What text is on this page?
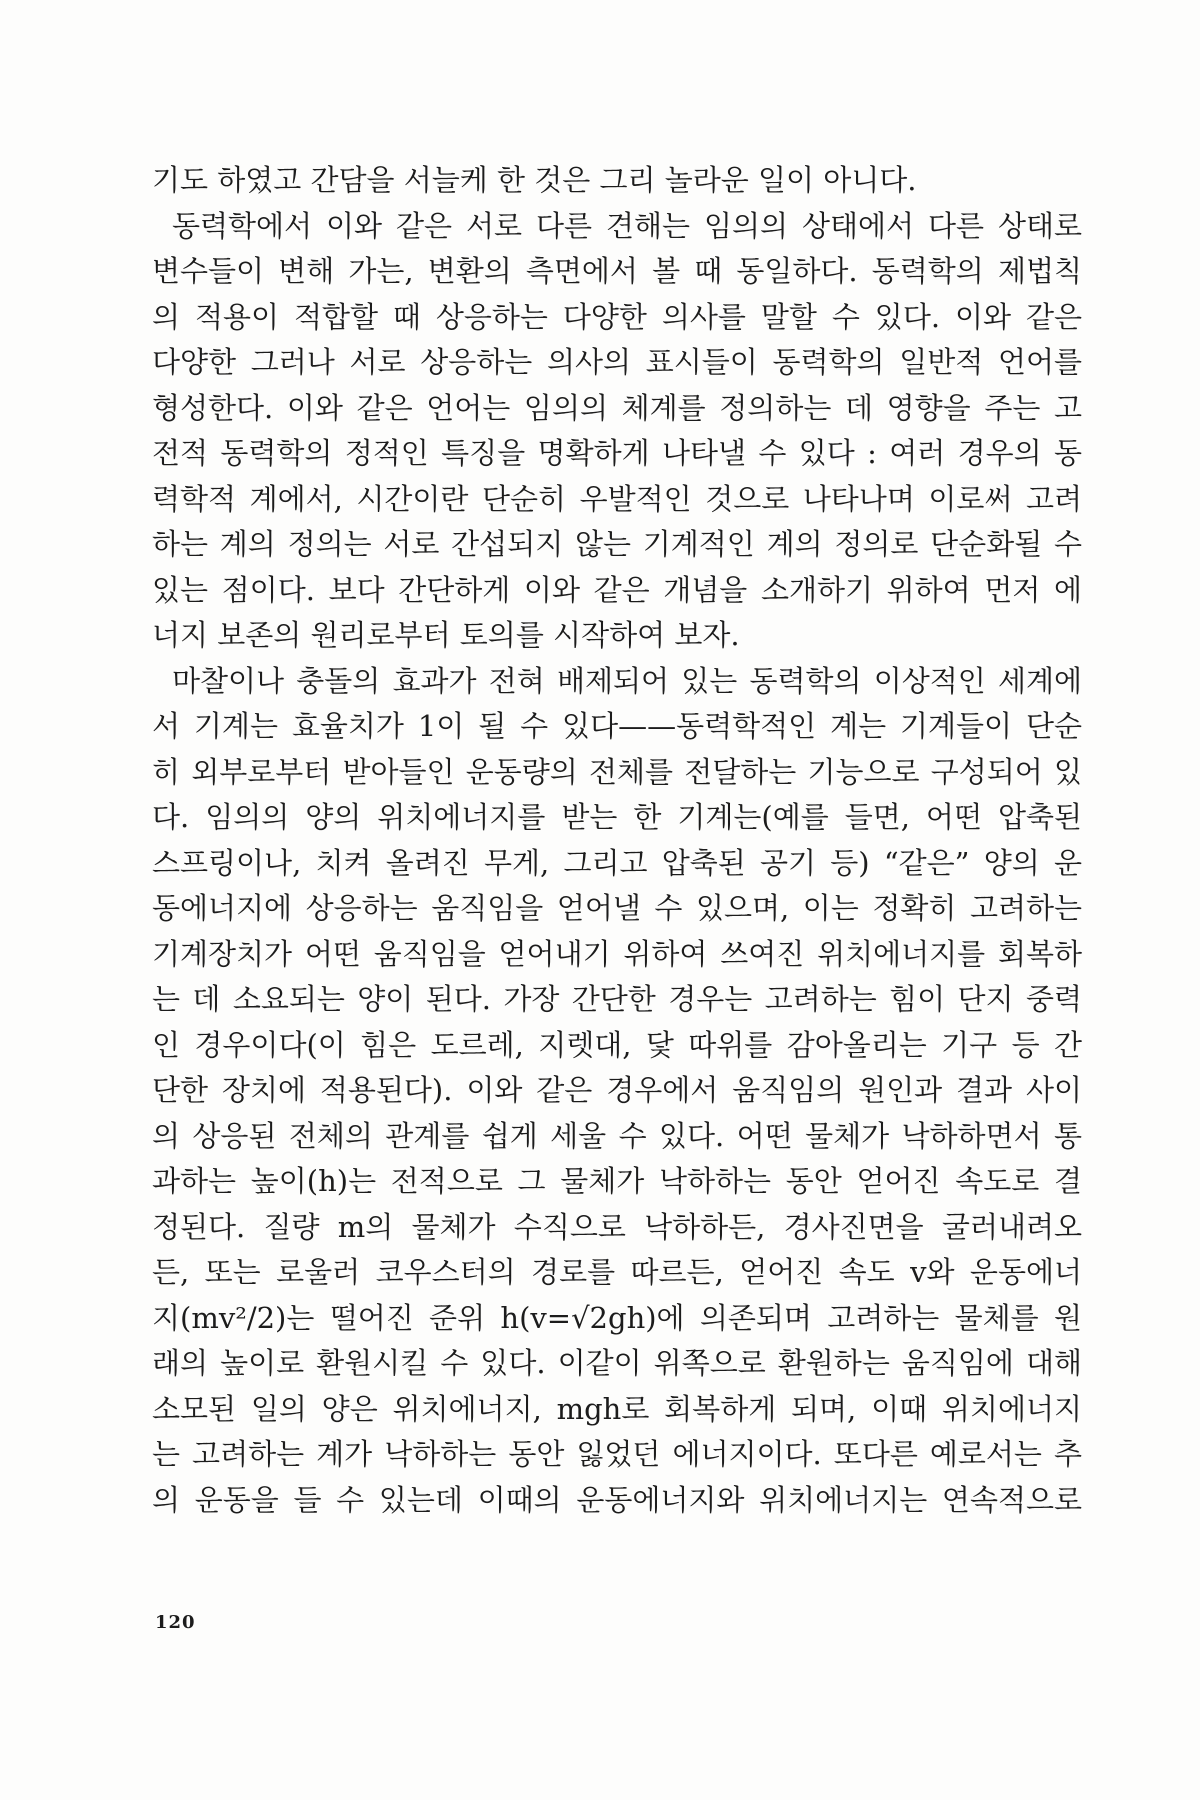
기도 하였고 간담을 서늘케 한 것은 그리 놀라운 일이 아니다.
동력학에서 이와 같은 서로 다른 견해는 임의의 상태에서 다른 상태로
변수들이 변해 가는, 변환의 측면에서 볼 때 동일하다. 동력학의 제법칙
의 적용이 적합할 때 상응하는 다양한 의사를 말할 수 있다. 이와 같은
다양한 그러나 서로 상응하는 의사의 표시들이 동력학의 일반적 언어를
형성한다. 이와 같은 언어는 임의의 체계를 정의하는 데 영향을 주는 고
전적 동력학의 정적인 특징을 명확하게 나타낼 수 있다 : 여러 경우의 동
력학적 계에서, 시간이란 단순히 우발적인 것으로 나타나며 이로써 고려
하는 계의 정의는 서로 간섭되지 않는 기계적인 계의 정의로 단순화될 수
있는 점이다. 보다 간단하게 이와 같은 개념을 소개하기 위하여 먼저 에
너지 보존의 원리로부터 토의를 시작하여 보자.
마찰이나 충돌의 효과가 전혀 배제되어 있는 동력학의 이상적인 세계에
서 기계는 효율치가 1이 될 수 있다——동력학적인 계는 기계들이 단순
히 외부로부터 받아들인 운동량의 전체를 전달하는 기능으로 구성되어 있
다. 임의의 양의 위치에너지를 받는 한 기계는(예를 들면, 어떤 압축된
스프링이나, 치켜 올려진 무게, 그리고 압축된 공기 등) “같은” 양의 운
동에너지에 상응하는 움직임을 얻어낼 수 있으며, 이는 정확히 고려하는
기계장치가 어떤 움직임을 얻어내기 위하여 쓰여진 위치에너지를 회복하
는 데 소요되는 양이 된다. 가장 간단한 경우는 고려하는 힘이 단지 중력
인 경우이다(이 힘은 도르레, 지렛대, 닻 따위를 감아올리는 기구 등 간
단한 장치에 적용된다). 이와 같은 경우에서 움직임의 원인과 결과 사이
의 상응된 전체의 관계를 쉽게 세울 수 있다. 어떤 물체가 낙하하면서 통
과하는 높이(h)는 전적으로 그 물체가 낙하하는 동안 얻어진 속도로 결
정된다. 질량 m의 물체가 수직으로 낙하하든, 경사진면을 굴러내려오
든, 또는 로울러 코우스터의 경로를 따르든, 얻어진 속도 v와 운동에너
지(mv²/2)는 떨어진 준위 h(v=√2gh)에 의존되며 고려하는 물체를 원
래의 높이로 환원시킬 수 있다. 이같이 위쪽으로 환원하는 움직임에 대해
소모된 일의 양은 위치에너지, mgh로 회복하게 되며, 이때 위치에너지
는 고려하는 계가 낙하하는 동안 잃었던 에너지이다. 또다른 예로서는 추
의 운동을 들 수 있는데 이때의 운동에너지와 위치에너지는 연속적으로
120
